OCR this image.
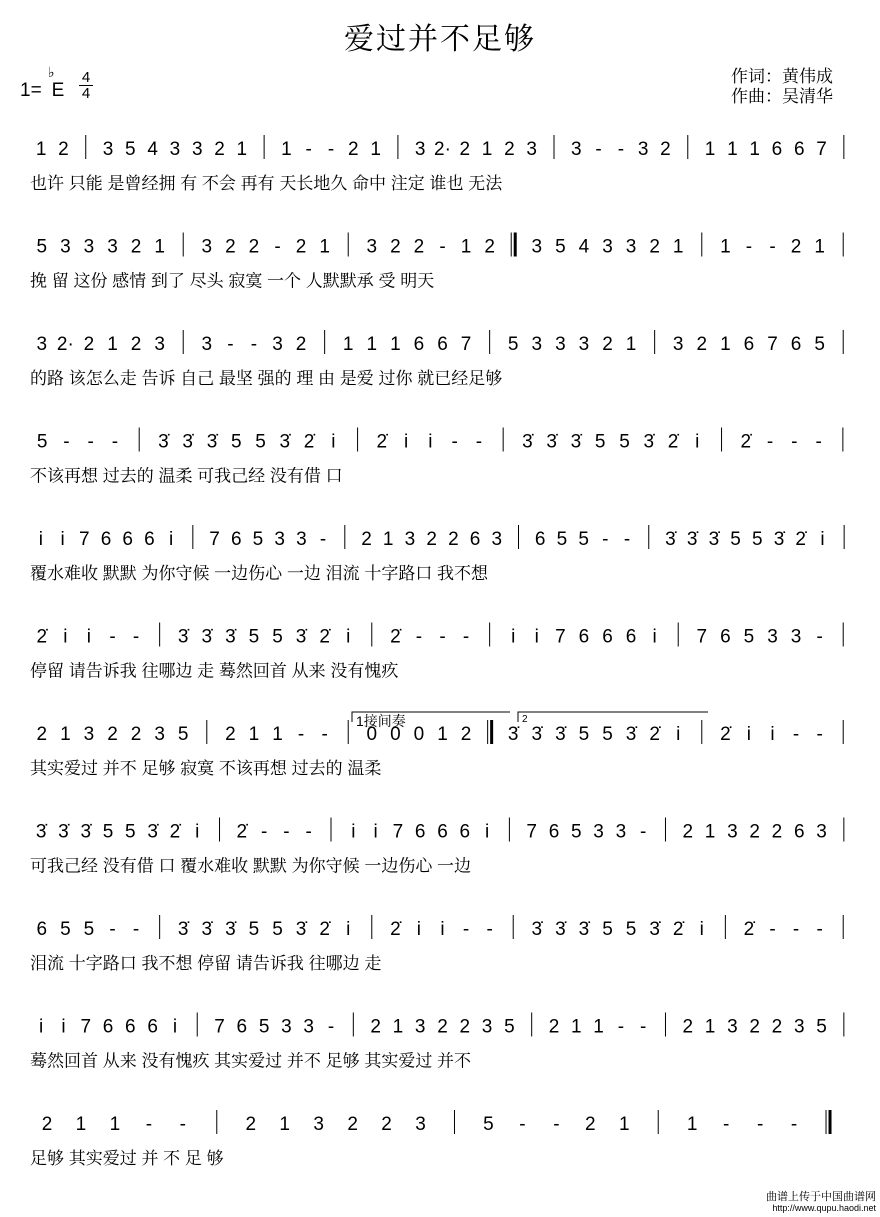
爱过并不足够
作词：黄伟成
作曲：吴清华
1= E
♭ 4
4
1 2 3 5 4 3 3 2 1 1 - - 2 1 3 2· 2 1 2 3 3 - - 3 2 1 1 1 6 6 7
也许 只能 是曾经拥 有 不会 再有 天长地久 命中 注定 谁也 无法
5 3 3 3 2 1 3 2 2 - 2 1 3 2 2 - 1 2 3 5 4 3 3 2 1 1 - - 2 1
挽 留 这份 感情 到了 尽头 寂寞 一个 人默默承 受 明天
3 2· 2 1 2 3 3 - - 3 2 1 1 1 6 6 7 5 3 3 3 2 1 3 2 1 6 7 6 5
的路 该怎么走 告诉 自己 最坚 强的 理 由 是爱 过你 就已经足够
5 - - - 3̇ 3̇ 3̇ 5 5 3̇ 2̇ i 2̇ i i - - 3̇ 3̇ 3̇ 5 5 3̇ 2̇ i 2̇ - - -
不该再想 过去的 温柔 可我己经 没有借 口
i i 7 6 6 6 i 7 6 5 3 3 - 2 1 3 2 2 6 3 6 5 5 - - 3̇ 3̇ 3̇ 5 5 3̇ 2̇ i
覆水难收 默默 为你守候 一边伤心 一边 泪流 十字路口 我不想
2̇ i i - - 3̇ 3̇ 3̇ 5 5 3̇ 2̇ i 2̇ - - - i i 7 6 6 6 i 7 6 5 3 3 -
停留 请告诉我 往哪边 走 蓦然回首 从来 没有愧疚
2 1 3 2 2 3 5 2 1 1 - - 0 0 0 1 2 3̇ 3̇ 3̇ 5 5 3̇ 2̇ i 2̇ i i - -
其实爱过 并不 足够 寂寞 不该再想 过去的 温柔
3̇ 3̇ 3̇ 5 5 3̇ 2̇ i 2̇ - - - i i 7 6 6 6 i 7 6 5 3 3 - 2 1 3 2 2 6 3
可我己经 没有借 口 覆水难收 默默 为你守候 一边伤心 一边
6 5 5 - - 3̇ 3̇ 3̇ 5 5 3̇ 2̇ i 2̇ i i - - 3̇ 3̇ 3̇ 5 5 3̇ 2̇ i 2̇ - - -
泪流 十字路口 我不想 停留 请告诉我 往哪边 走
i i 7 6 6 6 i 7 6 5 3 3 - 2 1 3 2 2 3 5 2 1 1 - - 2 1 3 2 2 3 5
蓦然回首 从来 没有愧疚 其实爱过 并不 足够 其实爱过 并不
2 1 1 - -	2 1 3 2 2 3	5 - - 2 1	1 - - -
足够 其实爱过 并 不 足 够
1接间奏	2
曲谱上传于中国曲谱网
http://www.qupu.haodi.net
